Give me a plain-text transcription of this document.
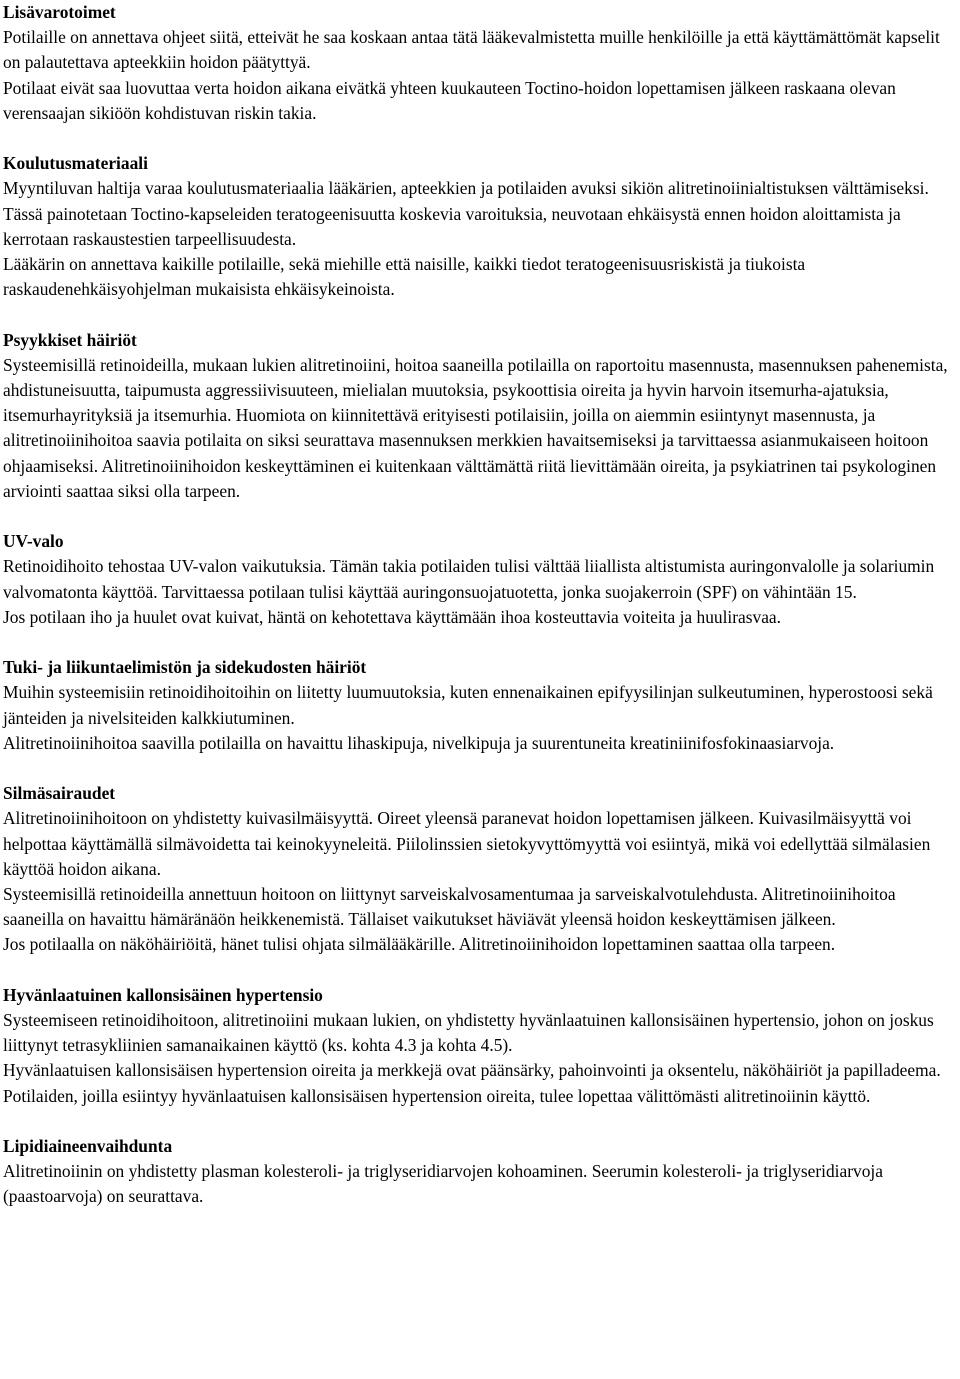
Lisävarotoimet
Potilaille on annettava ohjeet siitä, etteivät he saa koskaan antaa tätä lääkevalmistetta muille henkilöille ja että käyttämättömät kapselit on palautettava apteekkiin hoidon päätyttyä.
Potilaat eivät saa luovuttaa verta hoidon aikana eivätkä yhteen kuukauteen Toctino-hoidon lopettamisen jälkeen raskaana olevan verensaajan sikiöön kohdistuvan riskin takia.
Koulutusmateriaali
Myyntiluvan haltija varaa koulutusmateriaalia lääkärien, apteekkien ja potilaiden avuksi sikiön alitretinoiinialtistuksen välttämiseksi. Tässä painotetaan Toctino-kapseleiden teratogeenisuutta koskevia varoituksia, neuvotaan ehkäisystä ennen hoidon aloittamista ja kerrotaan raskaustestien tarpeellisuudesta.
Lääkärin on annettava kaikille potilaille, sekä miehille että naisille, kaikki tiedot teratogeenisuusriskistä ja tiukoista raskaudenehkäisyohjelman mukaisista ehkäisykeinoista.
Psyykkiset häiriöt
Systeemisillä retinoideilla, mukaan lukien alitretinoiini, hoitoa saaneilla potilailla on raportoitu masennusta, masennuksen pahenemista, ahdistuneisuutta, taipumusta aggressiivisuuteen, mielialan muutoksia, psykoottisia oireita ja hyvin harvoin itsemurha-ajatuksia, itsemurhayrityksiä ja itsemurhia. Huomiota on kiinnitettävä erityisesti potilaisiin, joilla on aiemmin esiintynyt masennusta, ja alitretinoiinihoitoa saavia potilaita on siksi seurattava masennuksen merkkien havaitsemiseksi ja tarvittaessa asianmukaiseen hoitoon ohjaamiseksi. Alitretinoiinihoidon keskeyttäminen ei kuitenkaan välttämättä riitä lievittämään oireita, ja psykiatrinen tai psykologinen arviointi saattaa siksi olla tarpeen.
UV-valo
Retinoidihoito tehostaa UV-valon vaikutuksia. Tämän takia potilaiden tulisi välttää liiallista altistumista auringonvalolle ja solariumin valvomatonta käyttöä. Tarvittaessa potilaan tulisi käyttää auringonsuojatuotetta, jonka suojakerroin (SPF) on vähintään 15.
Jos potilaan iho ja huulet ovat kuivat, häntä on kehotettava käyttämään ihoa kosteuttavia voiteita ja huulirasvaa.
Tuki- ja liikuntaelimistön ja sidekudosten häiriöt
Muihin systeemisiin retinoidihoitoihin on liitetty luumuutoksia, kuten ennenaikainen epifyysilinjan sulkeutuminen, hyperostoosi sekä jänteiden ja nivelsiteiden kalkkiutuminen.
Alitretinoiinihoitoa saavilla potilailla on havaittu lihaskipuja, nivelkipuja ja suurentuneita kreatiniinifosfokinaasiarvoja.
Silmäsairaudet
Alitretinoiinihoitoon on yhdistetty kuivasilmäisyyttä. Oireet yleensä paranevat hoidon lopettamisen jälkeen. Kuivasilmäisyyttä voi helpottaa käyttämällä silmävoidetta tai keinokyyneleitä. Piilolinssien sietokyvyttömyyttä voi esiintyä, mikä voi edellyttää silmälasien käyttöä hoidon aikana.
Systeemisillä retinoideilla annettuun hoitoon on liittynyt sarveiskalvosamentumaa ja sarveiskalvotulehdusta. Alitretinoiinihoitoa saaneilla on havaittu hämäränäön heikkenemistä. Tällaiset vaikutukset häviävät yleensä hoidon keskeyttämisen jälkeen.
Jos potilaalla on näköhäiriöitä, hänet tulisi ohjata silmälääkärille. Alitretinoiinihoidon lopettaminen saattaa olla tarpeen.
Hyvänlaatuinen kallonsisäinen hypertensio
Systeemiseen retinoidihoitoon, alitretinoiini mukaan lukien, on yhdistetty hyvänlaatuinen kallonsisäinen hypertensio, johon on joskus liittynyt tetrasykliinien samanaikainen käyttö (ks. kohta 4.3 ja kohta 4.5).
Hyvänlaatuisen kallonsisäisen hypertension oireita ja merkkejä ovat päänsärky, pahoinvointi ja oksentelu, näköhäiriöt ja papilladeema. Potilaiden, joilla esiintyy hyvänlaatuisen kallonsisäisen hypertension oireita, tulee lopettaa välittömästi alitretinoiinin käyttö.
Lipidiaineenvaihdunta
Alitretinoiinin on yhdistetty plasman kolesteroli- ja triglyseridiarvojen kohoaminen. Seerumin kolesteroli- ja triglyseridiarvoja (paastoarvoja) on seurattava.
